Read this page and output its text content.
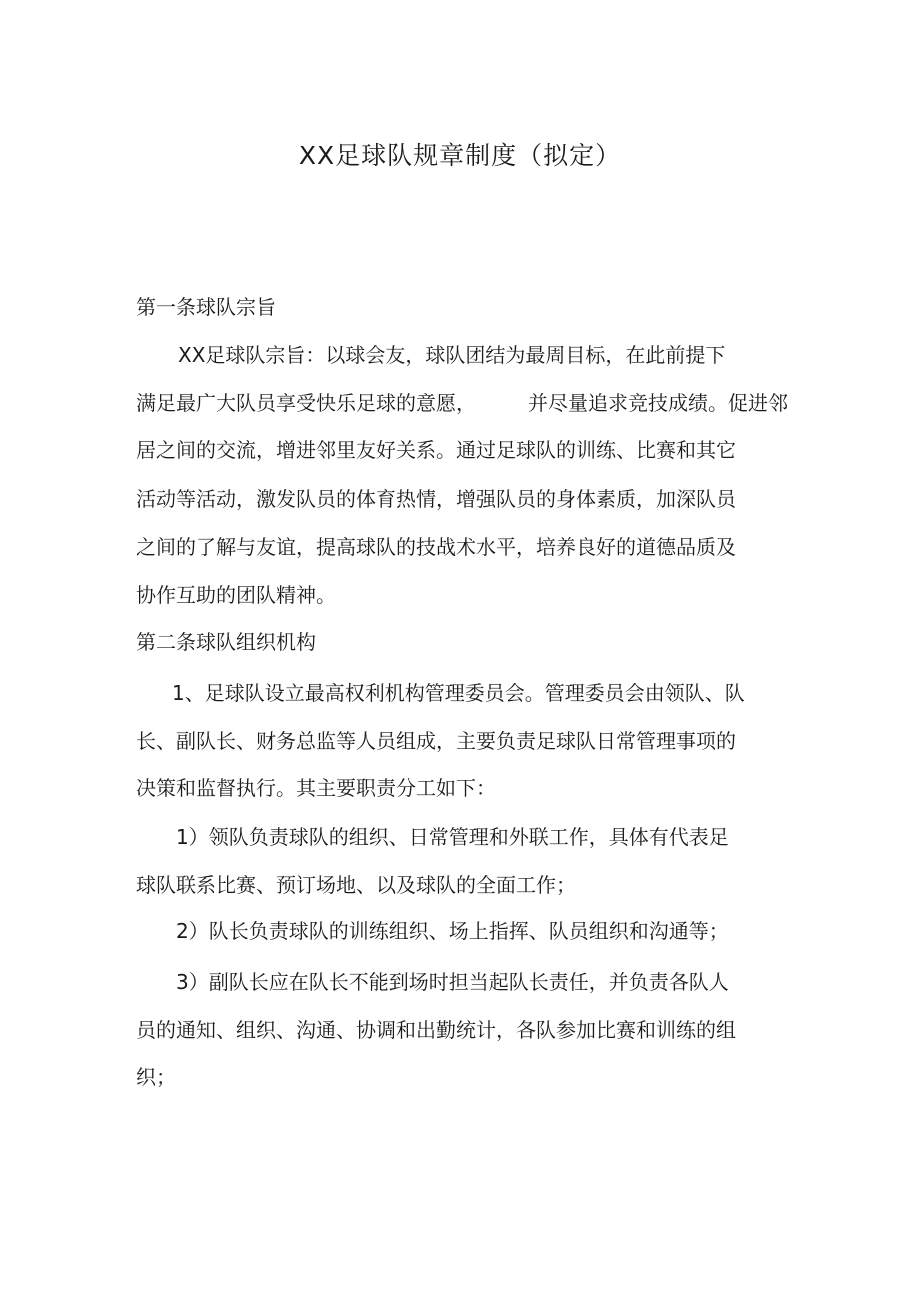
XX足球队规章制度（拟定）
第一条球队宗旨
XX足球队宗旨：以球会友，球队团结为最周目标，在此前提下
满足最广大队员享受快乐足球的意愿，	并尽量追求竞技成绩。促进邻
居之间的交流，增进邻里友好关系。通过足球队的训练、比赛和其它
活动等活动，激发队员的体育热情，增强队员的身体素质，加深队员
之间的了解与友谊，提高球队的技战术水平，培养良好的道德品质及
协作互助的团队精神。
第二条球队组织机构
1、足球队设立最高权利机构管理委员会。管理委员会由领队、队
长、副队长、财务总监等人员组成，主要负责足球队日常管理事项的
决策和监督执行。其主要职责分工如下：
1）领队负责球队的组织、日常管理和外联工作，具体有代表足
球队联系比赛、预订场地、以及球队的全面工作；
2）队长负责球队的训练组织、场上指挥、队员组织和沟通等；
3）副队长应在队长不能到场时担当起队长责任，并负责各队人
员的通知、组织、沟通、协调和出勤统计，各队参加比赛和训练的组
织；
